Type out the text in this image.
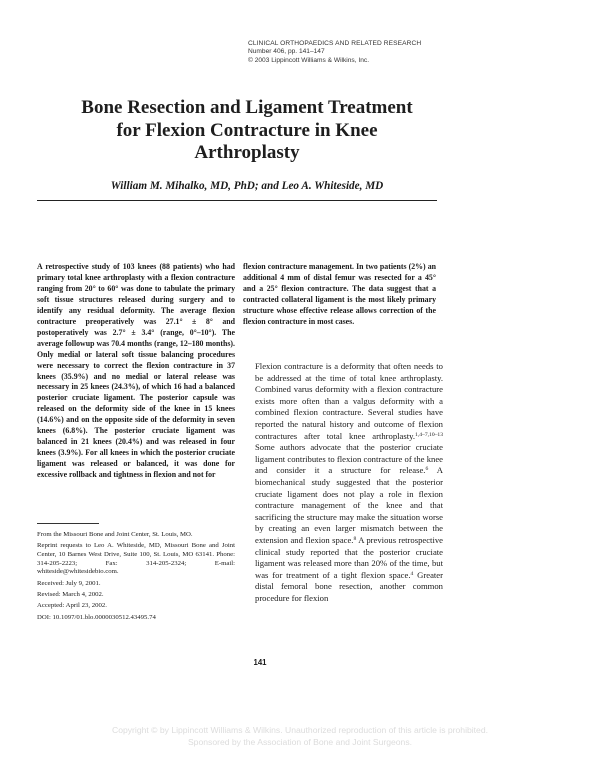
CLINICAL ORTHOPAEDICS AND RELATED RESEARCH
Number 406, pp. 141–147
© 2003 Lippincott Williams & Wilkins, Inc.
Bone Resection and Ligament Treatment for Flexion Contracture in Knee Arthroplasty
William M. Mihalko, MD, PhD; and Leo A. Whiteside, MD
A retrospective study of 103 knees (88 patients) who had primary total knee arthroplasty with a flexion contracture ranging from 20° to 60° was done to tabulate the primary soft tissue structures released during surgery and to identify any residual deformity. The average flexion contracture preoperatively was 27.1° ± 8° and postoperatively was 2.7° ± 3.4° (range, 0°–10°). The average followup was 70.4 months (range, 12–180 months). Only medial or lateral soft tissue balancing procedures were necessary to correct the flexion contracture in 37 knees (35.9%) and no medial or lateral release was necessary in 25 knees (24.3%), of which 16 had a balanced posterior cruciate ligament. The posterior capsule was released on the deformity side of the knee in 15 knees (14.6%) and on the opposite side of the deformity in seven knees (6.8%). The posterior cruciate ligament was balanced in 21 knees (20.4%) and was released in four knees (3.9%). For all knees in which the posterior cruciate ligament was released or balanced, it was done for excessive rollback and tightness in flexion and not for
flexion contracture management. In two patients (2%) an additional 4 mm of distal femur was resected for a 45° and a 25° flexion contracture. The data suggest that a contracted collateral ligament is the most likely primary structure whose effective release allows correction of the flexion contracture in most cases.

From the Missouri Bone and Joint Center, St. Louis, MO.

Reprint requests to Leo A. Whiteside, MD, Missouri Bone and Joint Center, 10 Barnes West Drive, Suite 100, St. Louis, MO 63141. Phone: 314-205-2223; Fax: 314-205-2324; E-mail: whiteside@whitesidebio.com.

Received: July 9, 2001.

Revised: March 4, 2002.

Accepted: April 23, 2002.

DOI: 10.1097/01.blo.0000030512.43495.74

Flexion contracture is a deformity that often needs to be addressed at the time of total knee arthroplasty. Combined varus deformity with a flexion contracture exists more often than a valgus deformity with a combined flexion contracture. Several studies have reported the natural history and outcome of flexion contractures after total knee arthroplasty.$^{1,4-7,10-13}$ Some authors advocate that the posterior cruciate ligament contributes to flexion contracture of the knee and consider it a structure for release.$^6$ A biomechanical study suggested that the posterior cruciate ligament does not play a role in flexion contracture management of the knee and that sacrificing the structure may make the situation worse by creating an even larger mismatch between the extension and flexion space.$^8$ A previous retrospective clinical study reported that the posterior cruciate ligament was released more than 20% of the time, but was for treatment of a tight flexion space.$^4$ Greater distal femoral bone resection, another common procedure for flexion
141
Copyright © by Lippincott Williams & Wilkins. Unauthorized reproduction of this article is prohibited.
Sponsored by the Association of Bone and Joint Surgeons.
